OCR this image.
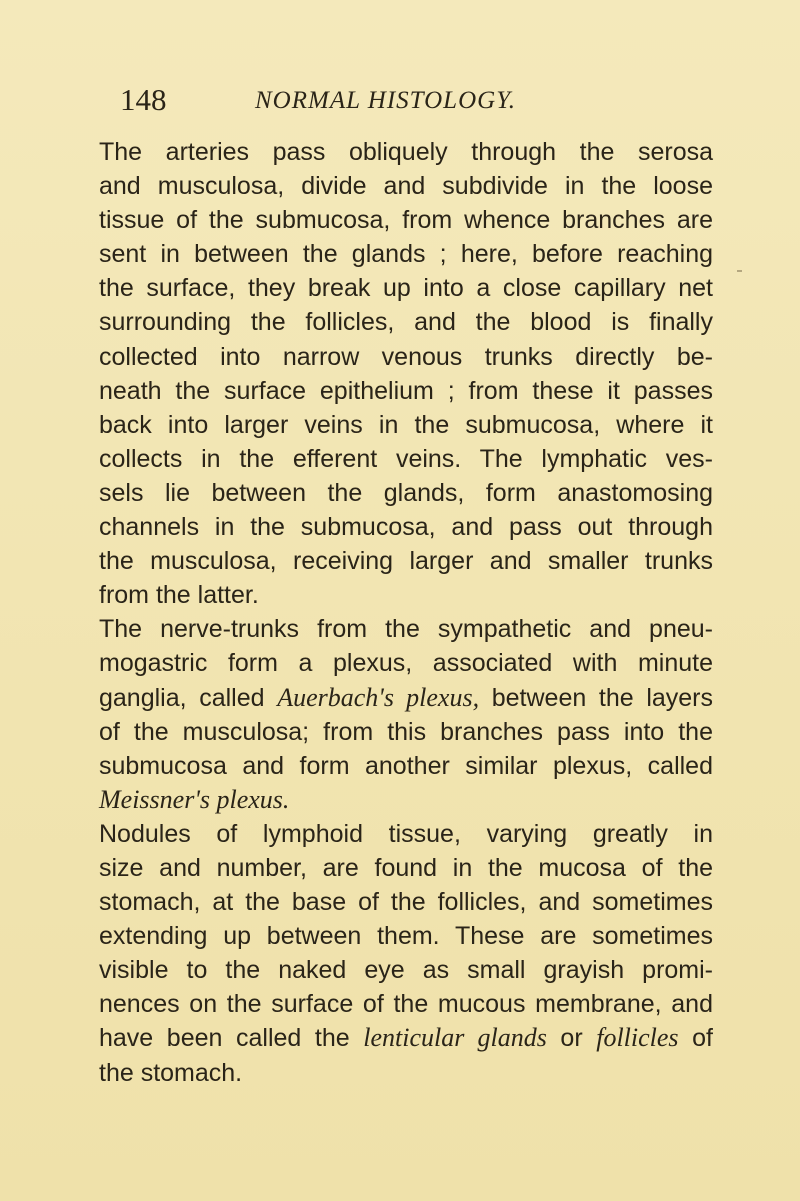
148	NORMAL HISTOLOGY.
The arteries pass obliquely through the serosa
and musculosa, divide and subdivide in the loose
tissue of the submucosa, from whence branches are
sent in between the glands ; here, before reaching
the surface, they break up into a close capillary net
surrounding the follicles, and the blood is finally
collected into narrow venous trunks directly be-
neath the surface epithelium ; from these it passes
back into larger veins in the submucosa, where it
collects in the efferent veins. The lymphatic ves-
sels lie between the glands, form anastomosing
channels in the submucosa, and pass out through
the musculosa, receiving larger and smaller trunks
from the latter.
The nerve-trunks from the sympathetic and pneu-
mogastric form a plexus, associated with minute
ganglia, called Auerbach's plexus, between the layers
of the musculosa; from this branches pass into the
submucosa and form another similar plexus, called
Meissner's plexus.
Nodules of lymphoid tissue, varying greatly in
size and number, are found in the mucosa of the
stomach, at the base of the follicles, and sometimes
extending up between them. These are sometimes
visible to the naked eye as small grayish promi-
nences on the surface of the mucous membrane, and
have been called the lenticular glands or follicles of
the stomach.
